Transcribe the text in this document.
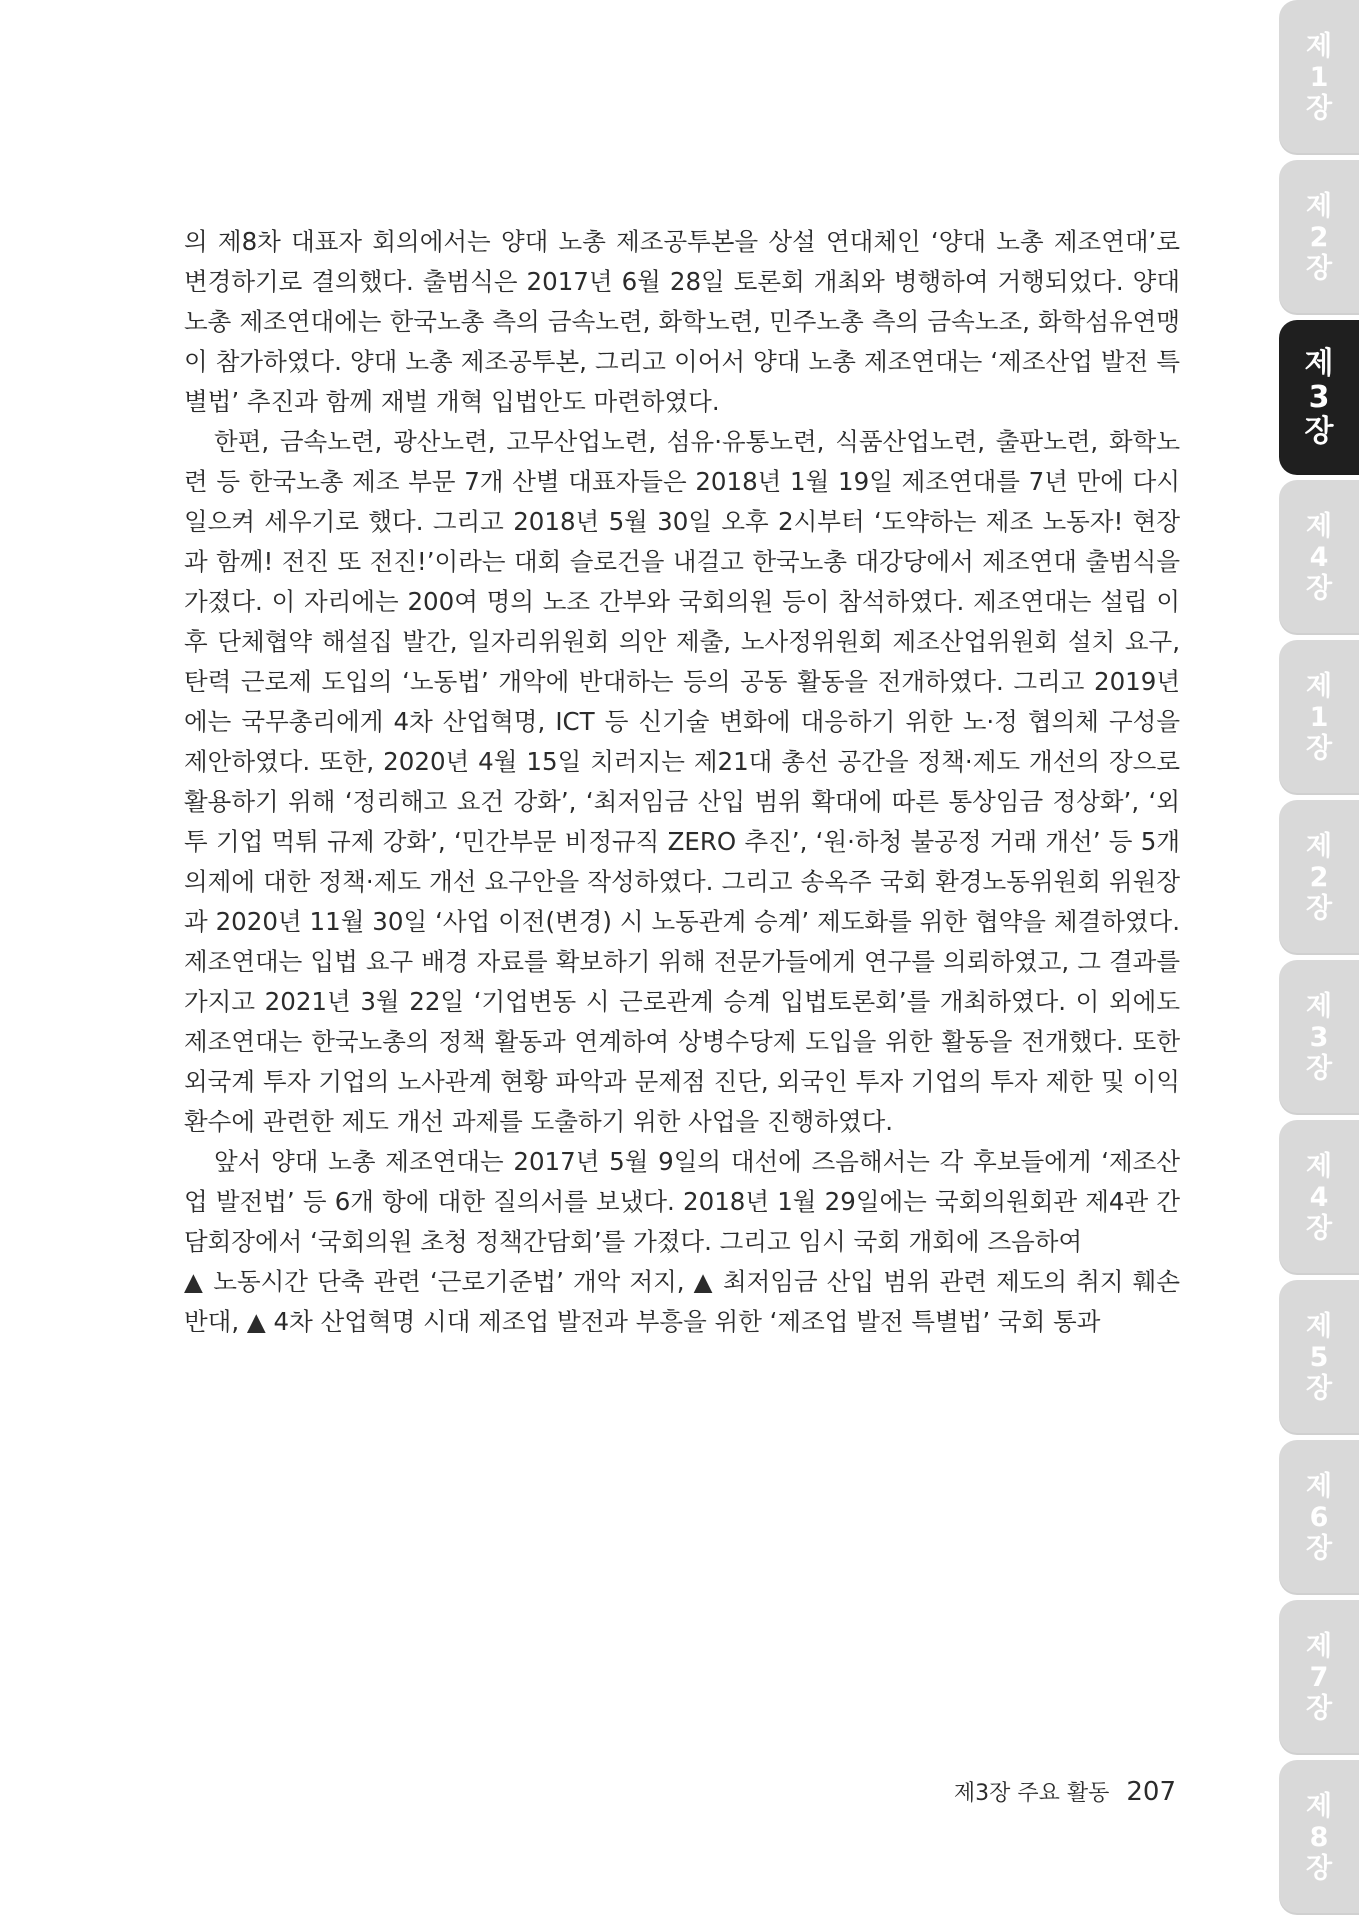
의 제8차 대표자 회의에서는 양대 노총 제조공투본을 상설 연대체인 ‘양대 노총 제조연대’로 변경하기로 결의했다. 출범식은 2017년 6월 28일 토론회 개최와 병행하여 거행되었다. 양대 노총 제조연대에는 한국노총 측의 금속노련, 화학노련, 민주노총 측의 금속노조, 화학섬유연맹이 참가하였다. 양대 노총 제조공투본, 그리고 이어서 양대 노총 제조연대는 ‘제조산업 발전 특별법’ 추진과 함께 재벌 개혁 입법안도 마련하였다.

한편, 금속노련, 광산노련, 고무산업노련, 섬유·유통노련, 식품산업노련, 출판노련, 화학노련 등 한국노총 제조 부문 7개 산별 대표자들은 2018년 1월 19일 제조연대를 7년 만에 다시 일으켜 세우기로 했다. 그리고 2018년 5월 30일 오후 2시부터 ‘도약하는 제조 노동자! 현장과 함께! 전진 또 전진!’이라는 대회 슬로건을 내걸고 한국노총 대강당에서 제조연대 출범식을 가졌다. 이 자리에는 200여 명의 노조 간부와 국회의원 등이 참석하였다. 제조연대는 설립 이후 단체협약 해설집 발간, 일자리위원회 의안 제출, 노사정위원회 제조산업위원회 설치 요구, 탄력 근로제 도입의 ‘노동법’ 개악에 반대하는 등의 공동 활동을 전개하였다. 그리고 2019년에는 국무총리에게 4차 산업혁명, ICT 등 신기술 변화에 대응하기 위한 노·정 협의체 구성을 제안하였다. 또한, 2020년 4월 15일 치러지는 제21대 총선 공간을 정책·제도 개선의 장으로 활용하기 위해 ‘정리해고 요건 강화’, ‘최저임금 산입 범위 확대에 따른 통상임금 정상화’, ‘외투 기업 먹튀 규제 강화’, ‘민간부문 비정규직 ZERO 추진’, ‘원·하청 불공정 거래 개선’ 등 5개 의제에 대한 정책·제도 개선 요구안을 작성하였다. 그리고 송옥주 국회 환경노동위원회 위원장과 2020년 11월 30일 ‘사업 이전(변경) 시 노동관계 승계’ 제도화를 위한 협약을 체결하였다. 제조연대는 입법 요구 배경 자료를 확보하기 위해 전문가들에게 연구를 의뢰하였고, 그 결과를 가지고 2021년 3월 22일 ‘기업변동 시 근로관계 승계 입법토론회’를 개최하였다. 이 외에도 제조연대는 한국노총의 정책 활동과 연계하여 상병수당제 도입을 위한 활동을 전개했다. 또한 외국계 투자 기업의 노사관계 현황 파악과 문제점 진단, 외국인 투자 기업의 투자 제한 및 이익 환수에 관련한 제도 개선 과제를 도출하기 위한 사업을 진행하였다.

앞서 양대 노총 제조연대는 2017년 5월 9일의 대선에 즈음해서는 각 후보들에게 ‘제조산업 발전법’ 등 6개 항에 대한 질의서를 보냈다. 2018년 1월 29일에는 국회의원회관 제4관 간담회장에서 ‘국회의원 초청 정책간담회’를 가졌다. 그리고 임시 국회 개회에 즈음하여
▲ 노동시간 단축 관련 ‘근로기준법’ 개악 저지, ▲ 최저임금 산입 범위 관련 제도의 취지 훼손 반대, ▲ 4차 산업혁명 시대 제조업 발전과 부흥을 위한 ‘제조업 발전 특별법’ 국회 통과

제3장 주요 활동 207
제
1
장
제
2
장
제
3
장
제
4
장
제
1
장
제
2
장
제
3
장
제
4
장
제
5
장
제
6
장
제
7
장
제
8
장
